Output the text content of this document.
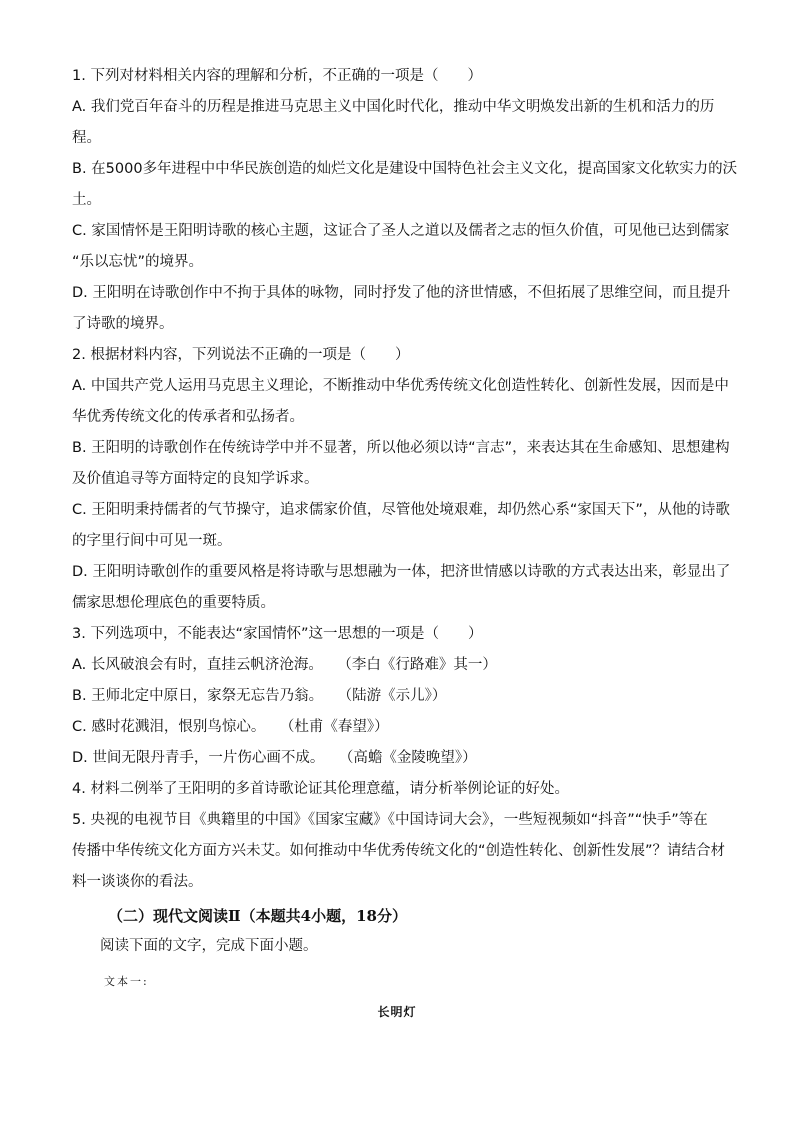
1. 下列对材料相关内容的理解和分析，不正确的一项是（　　）
A. 我们党百年奋斗的历程是推进马克思主义中国化时代化，推动中华文明焕发出新的生机和活力的历
程。
B. 在5000多年进程中中华民族创造的灿烂文化是建设中国特色社会主义文化，提高国家文化软实力的沃
土。
C. 家国情怀是王阳明诗歌的核心主题，这证合了圣人之道以及儒者之志的恒久价值，可见他已达到儒家
“乐以忘忧”的境界。
D. 王阳明在诗歌创作中不拘于具体的咏物，同时抒发了他的济世情感，不但拓展了思维空间，而且提升
了诗歌的境界。
2. 根据材料内容，下列说法不正确的一项是（　　）
A. 中国共产党人运用马克思主义理论，不断推动中华优秀传统文化创造性转化、创新性发展，因而是中
华优秀传统文化的传承者和弘扬者。
B. 王阳明的诗歌创作在传统诗学中并不显著，所以他必须以诗“言志”，来表达其在生命感知、思想建构
及价值追寻等方面特定的良知学诉求。
C. 王阳明秉持儒者的气节操守，追求儒家价值，尽管他处境艰难，却仍然心系“家国天下”，从他的诗歌
的字里行间中可见一斑。
D. 王阳明诗歌创作的重要风格是将诗歌与思想融为一体，把济世情感以诗歌的方式表达出来，彰显出了
儒家思想伦理底色的重要特质。
3. 下列选项中，不能表达“家国情怀”这一思想的一项是（　　）
A. 长风破浪会有时，直挂云帆济沧海。　　（李白《行路难》其一）
B. 王师北定中原日，家祭无忘告乃翁。　　（陆游《示儿》）
C. 感时花溅泪，恨别鸟惊心。　　（杜甫《春望》）
D. 世间无限丹青手，一片伤心画不成。　　（高蟾《金陵晚望》）
4. 材料二例举了王阳明的多首诗歌论证其伦理意蕴，请分析举例论证的好处。
5. 央视的电视节目《典籍里的中国》《国家宝藏》《中国诗词大会》，一些短视频如“抖音”“快手”等在
传播中华传统文化方面方兴未艾。如何推动中华优秀传统文化的“创造性转化、创新性发展”？请结合材
料一谈谈你的看法。
（二）现代文阅读Ⅱ（本题共4小题，18分）
阅读下面的文字，完成下面小题。
文本一:
长明灯
